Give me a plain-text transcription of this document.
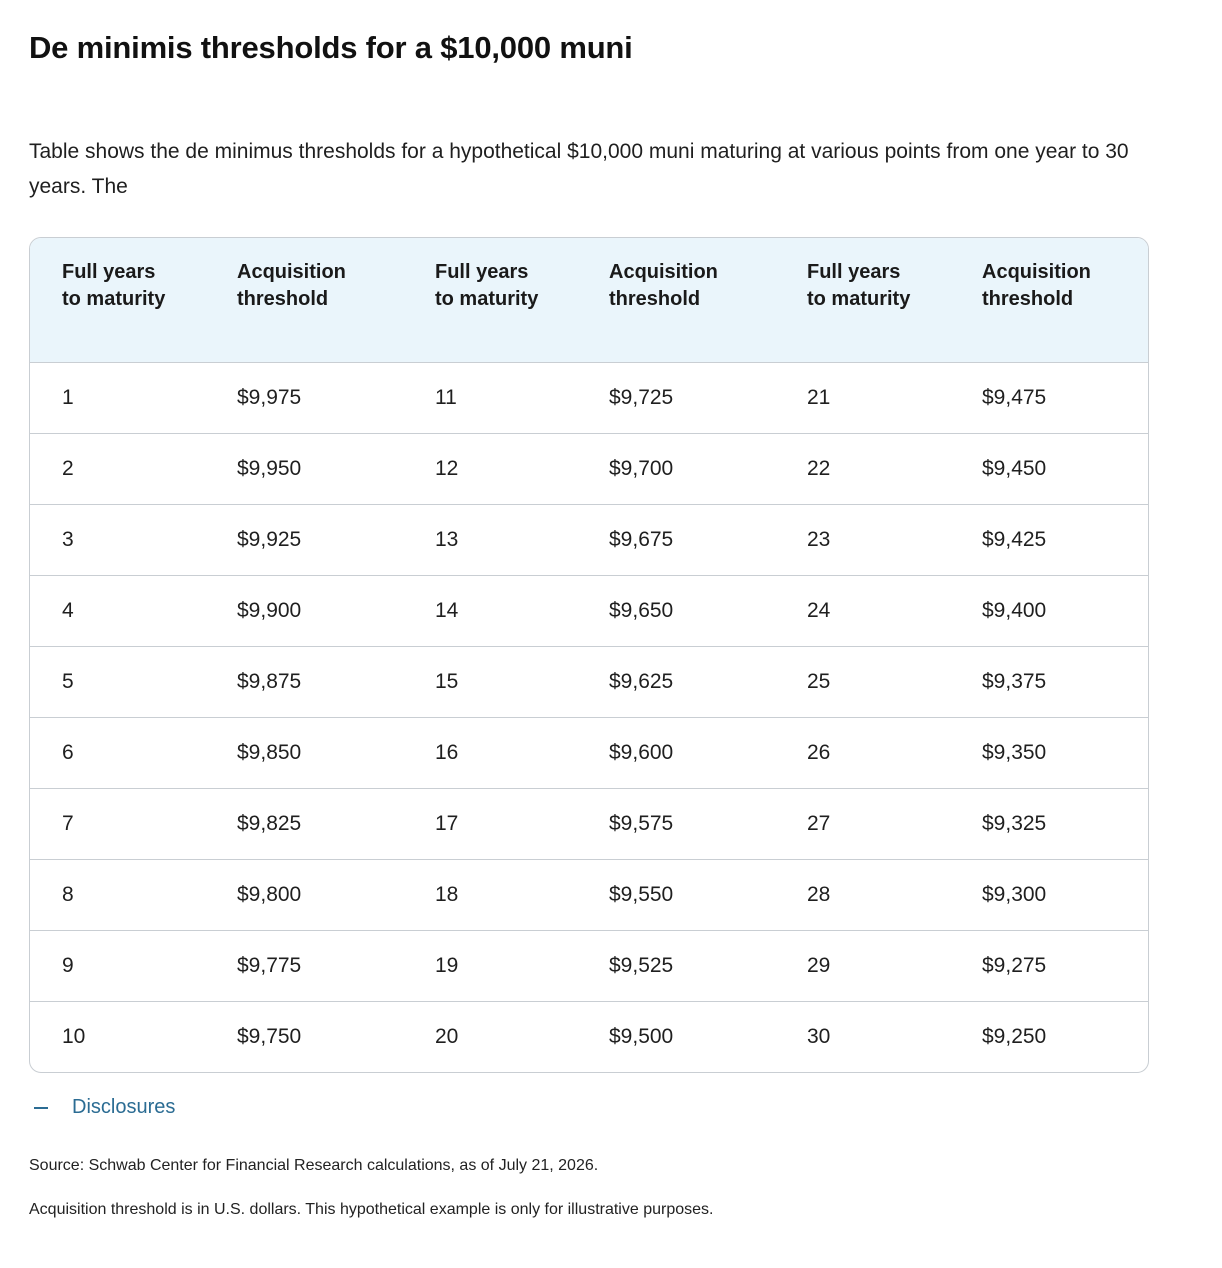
De minimis thresholds for a $10,000 muni

Table shows the de minimus thresholds for a hypothetical $10,000 muni maturing at various points from one year to 30 years. The

Full years to maturity	Acquisition threshold	Full years to maturity	Acquisition threshold	Full years to maturity	Acquisition threshold

1	$9,975	11	$9,725	21	$9,475
2	$9,950	12	$9,700	22	$9,450
3	$9,925	13	$9,675	23	$9,425
4	$9,900	14	$9,650	24	$9,400
5	$9,875	15	$9,625	25	$9,375
6	$9,850	16	$9,600	26	$9,350
7	$9,825	17	$9,575	27	$9,325
8	$9,800	18	$9,550	28	$9,300
9	$9,775	19	$9,525	29	$9,275
10	$9,750	20	$9,500	30	$9,250
Disclosures

Source: Schwab Center for Financial Research calculations, as of July 21, 2026.

Acquisition threshold is in U.S. dollars. This hypothetical example is only for illustrative purposes.
